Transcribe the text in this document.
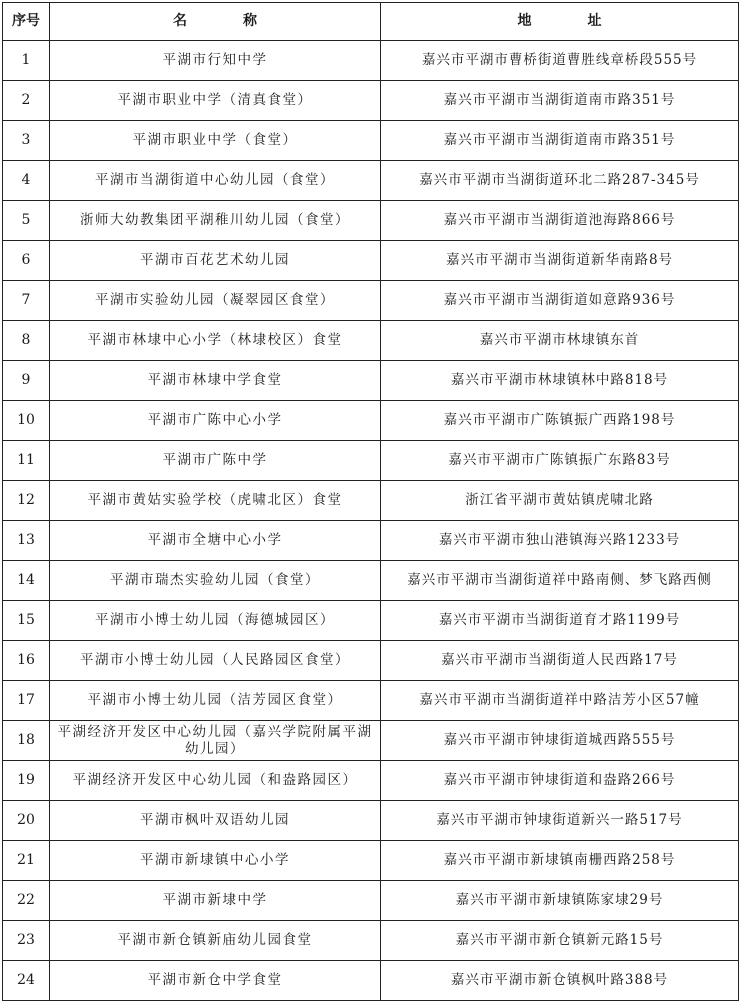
序号	名 称	地 址
1	平湖市行知中学	嘉兴市平湖市曹桥街道曹胜线章桥段555号
2	平湖市职业中学（清真食堂）	嘉兴市平湖市当湖街道南市路351号
3	平湖市职业中学（食堂）	嘉兴市平湖市当湖街道南市路351号
4	平湖市当湖街道中心幼儿园（食堂）	嘉兴市平湖市当湖街道环北二路287-345号
5	浙师大幼教集团平湖稚川幼儿园（食堂）	嘉兴市平湖市当湖街道池海路866号
6	平湖市百花艺术幼儿园	嘉兴市平湖市当湖街道新华南路8号
7	平湖市实验幼儿园（凝翠园区食堂）	嘉兴市平湖市当湖街道如意路936号
8	平湖市林埭中心小学（林埭校区）食堂	嘉兴市平湖市林埭镇东首
9	平湖市林埭中学食堂	嘉兴市平湖市林埭镇林中路818号
10	平湖市广陈中心小学	嘉兴市平湖市广陈镇振广西路198号
11	平湖市广陈中学	嘉兴市平湖市广陈镇振广东路83号
12	平湖市黄姑实验学校（虎啸北区）食堂	浙江省平湖市黄姑镇虎啸北路
13	平湖市全塘中心小学	嘉兴市平湖市独山港镇海兴路1233号
14	平湖市瑞杰实验幼儿园（食堂）	嘉兴市平湖市当湖街道祥中路南侧、梦飞路西侧
15	平湖市小博士幼儿园（海德城园区）	嘉兴市平湖市当湖街道育才路1199号
16	平湖市小博士幼儿园（人民路园区食堂）	嘉兴市平湖市当湖街道人民西路17号
17	平湖市小博士幼儿园（洁芳园区食堂）	嘉兴市平湖市当湖街道祥中路洁芳小区57幢
18	平湖经济开发区中心幼儿园（嘉兴学院附属平湖幼儿园）	嘉兴市平湖市钟埭街道城西路555号
19	平湖经济开发区中心幼儿园（和盎路园区）	嘉兴市平湖市钟埭街道和盎路266号
20	平湖市枫叶双语幼儿园	嘉兴市平湖市钟埭街道新兴一路517号
21	平湖市新埭镇中心小学	嘉兴市平湖市新埭镇南栅西路258号
22	平湖市新埭中学	嘉兴市平湖市新埭镇陈家埭29号
23	平湖市新仓镇新庙幼儿园食堂	嘉兴市平湖市新仓镇新元路15号
24	平湖市新仓中学食堂	嘉兴市平湖市新仓镇枫叶路388号
